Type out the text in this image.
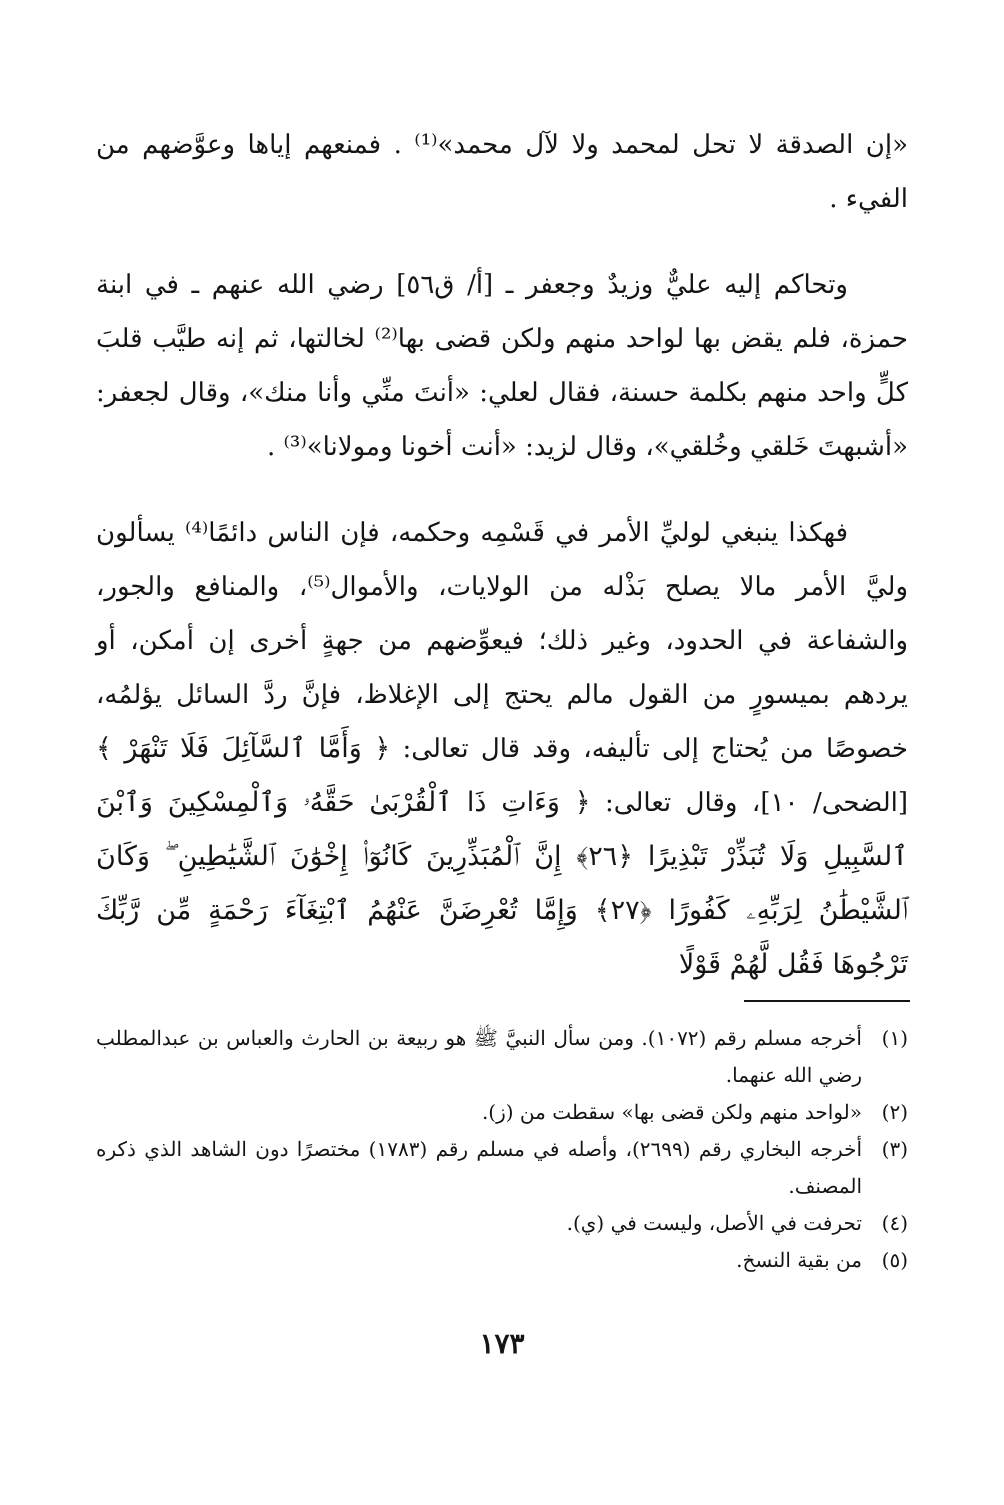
«إن الصدقة لا تحل لمحمد ولا لآل محمد»⁽¹⁾ . فمنعهم إياها وعوَّضهم من الفيء .

وتحاكم إليه عليٌّ وزيدٌ وجعفر ـ [أ/ ق٥٦] رضي الله عنهم ـ في ابنة حمزة، فلم يقض بها لواحد منهم ولكن قضى بها⁽²⁾ لخالتها، ثم إنه طيَّب قلبَ كلٍّ واحد منهم بكلمة حسنة، فقال لعلي: «أنتَ منِّي وأنا منك»، وقال لجعفر: «أشبهتَ خَلقي وخُلقي»، وقال لزيد: «أنت أخونا ومولانا»⁽³⁾ .

فهكذا ينبغي لوليِّ الأمر في قَسْمِه وحكمه، فإن الناس دائمًا⁽⁴⁾ يسألون وليَّ الأمر مالا يصلح بَذْله من الولايات، والأموال⁽⁵⁾، والمنافع والجور، والشفاعة في الحدود، وغير ذلك؛ فيعوِّضهم من جهةٍ أخرى إن أمكن، أو يردهم بميسورٍ من القول مالم يحتج إلى الإغلاظ، فإنَّ ردَّ السائل يؤلمُه، خصوصًا من يُحتاج إلى تأليفه، وقد قال تعالى: ﴿ وَأَمَّا ٱلسَّآئِلَ فَلَا تَنْهَرْ ﴾ [الضحى/ ١٠]، وقال تعالى: ﴿ وَءَاتِ ذَا ٱلْقُرْبَىٰ حَقَّهُۥ وَٱلْمِسْكِينَ وَٱبْنَ ٱلسَّبِيلِ وَلَا تُبَذِّرْ تَبْذِيرًا ﴿٢٦﴾ إِنَّ ٱلْمُبَذِّرِينَ كَانُوٓا۟ إِخْوَٰنَ ٱلشَّيَٰطِينِ ۖ وَكَانَ ٱلشَّيْطَٰنُ لِرَبِّهِۦ كَفُورًا ﴿٢٧﴾ وَإِمَّا تُعْرِضَنَّ عَنْهُمُ ٱبْتِغَآءَ رَحْمَةٍ مِّن رَّبِّكَ تَرْجُوهَا فَقُل لَّهُمْ قَوْلًا

(١)
أخرجه مسلم رقم (١٠٧٢). ومن سأل النبيَّ ﷺ هو ربيعة بن الحارث والعباس بن عبدالمطلب رضي الله عنهما.
(٢)
«لواحد منهم ولكن قضى بها» سقطت من (ز).
(٣)
أخرجه البخاري رقم (٢٦٩٩)، وأصله في مسلم رقم (١٧٨٣) مختصرًا دون الشاهد الذي ذكره المصنف.
(٤)
تحرفت في الأصل، وليست في (ي).
(٥)
من بقية النسخ.
١٧٣
